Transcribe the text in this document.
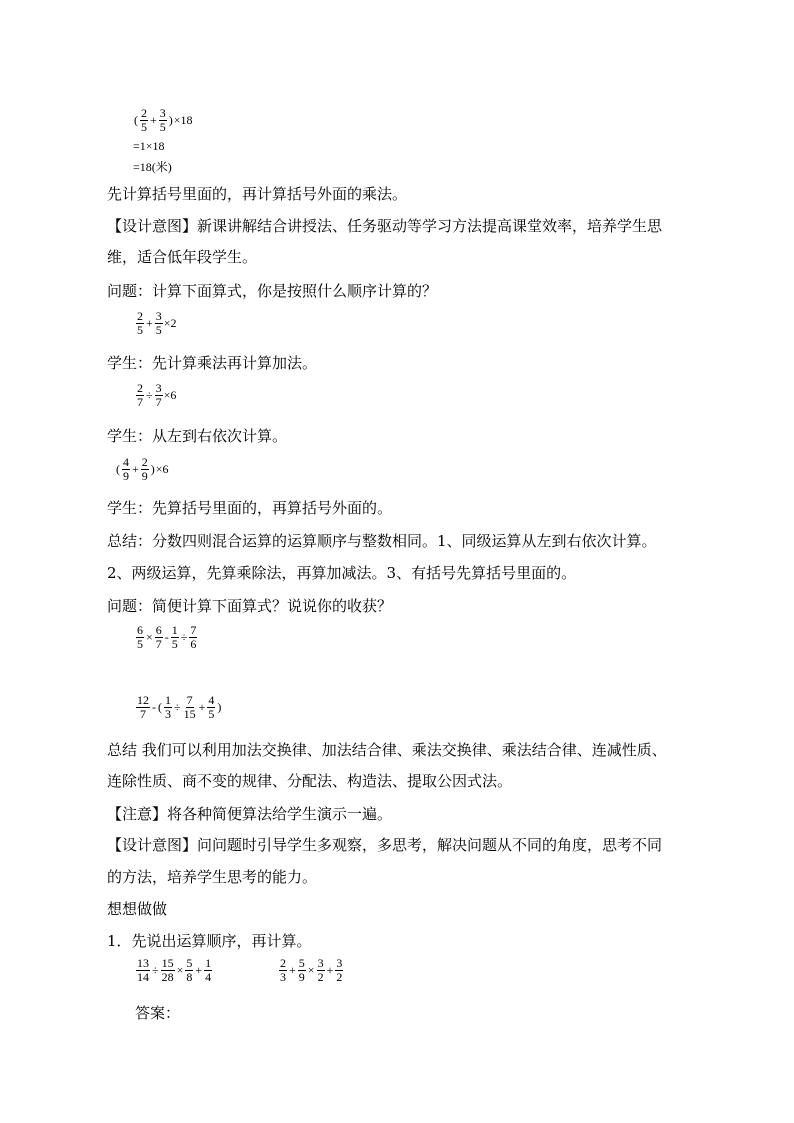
( $\frac{2}{5} + \frac{3}{5}$ ) ×18
=1×18
=18(米)
先计算括号里面的，再计算括号外面的乘法。
【设计意图】新课讲解结合讲授法、任务驱动等学习方法提高课堂效率，培养学生思
维，适合低年段学生。
问题：计算下面算式，你是按照什么顺序计算的？
$\frac{2}{5} + \frac{3}{5} \times 2$
学生：先计算乘法再计算加法。
$\frac{2}{7} \div \frac{3}{7} \times 6$
学生：从左到右依次计算。
( $\frac{4}{9} + \frac{2}{9}$ ) ×6
学生：先算括号里面的，再算括号外面的。
总结：分数四则混合运算的运算顺序与整数相同。1、同级运算从左到右依次计算。
2、两级运算，先算乘除法，再算加减法。3、有括号先算括号里面的。
问题：简便计算下面算式？说说你的收获？
$\frac{6}{5} \times \frac{6}{7} - \frac{1}{5} \div \frac{7}{6}$
$\frac{12}{7}$ - ( $\frac{1}{3} \div \frac{7}{15} + \frac{4}{5}$ )
总结 我们可以利用加法交换律、加法结合律、乘法交换律、乘法结合律、连减性质、
连除性质、商不变的规律、分配法、构造法、提取公因式法。
【注意】将各种简便算法给学生演示一遍。
【设计意图】问问题时引导学生多观察，多思考，解决问题从不同的角度，思考不同
的方法，培养学生思考的能力。
想想做做
1．先说出运算顺序，再计算。
$\frac{13}{14} \div \frac{15}{28} \times \frac{5}{8} + \frac{1}{4}$	$\frac{2}{3} + \frac{5}{9} \times \frac{3}{2} + \frac{3}{2}$
答案：
